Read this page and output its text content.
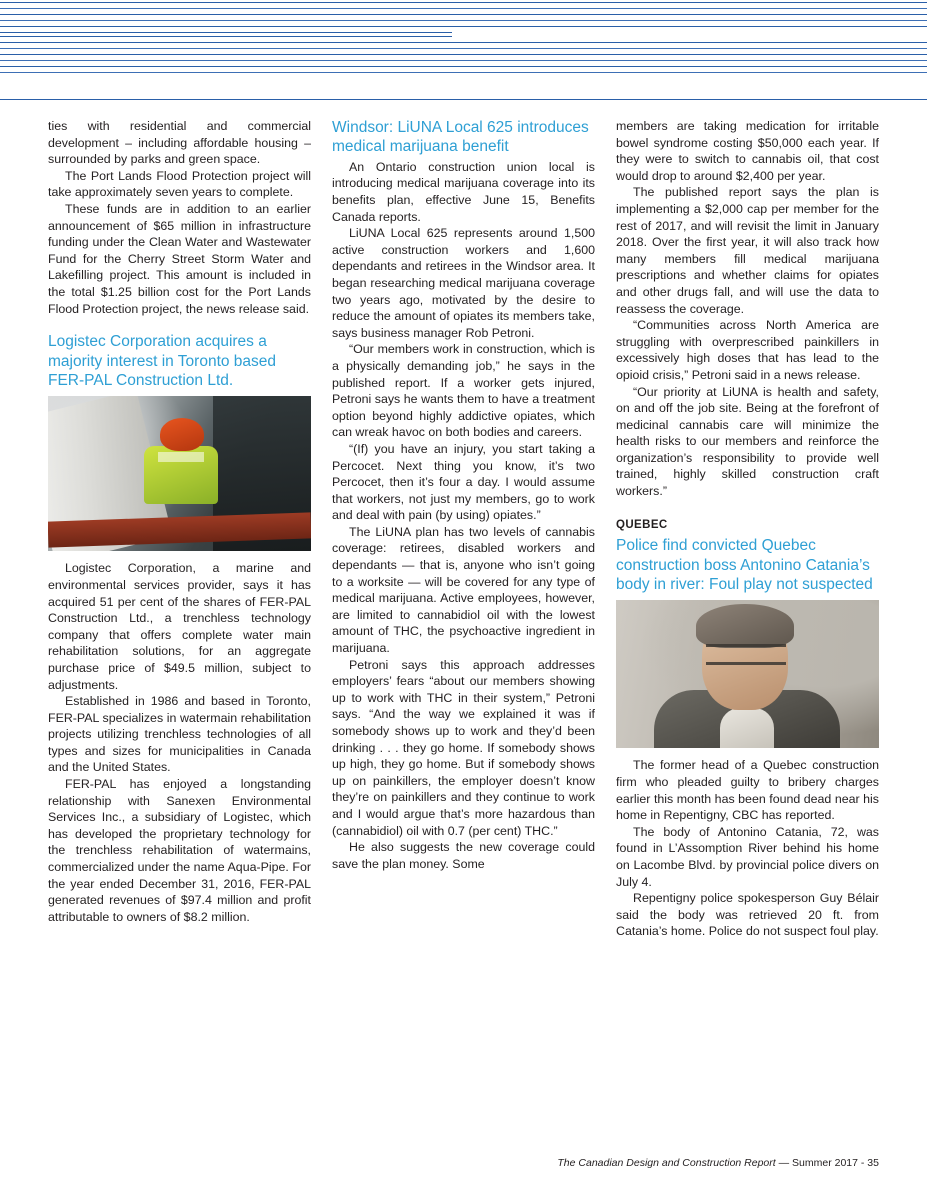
ties with residential and commercial development – including affordable housing – surrounded by parks and green space.

The Port Lands Flood Protection project will take approximately seven years to complete.

These funds are in addition to an earlier announcement of $65 million in infrastructure funding under the Clean Water and Wastewater Fund for the Cherry Street Storm Water and Lakefilling project. This amount is included in the total $1.25 billion cost for the Port Lands Flood Protection project, the news release said.

Logistec Corporation acquires a majority interest in Toronto based FER-PAL Construction Ltd.

Logistec Corporation, a marine and environmental services provider, says it has acquired 51 per cent of the shares of FER-PAL Construction Ltd., a trenchless technology company that offers complete water main rehabilitation solutions, for an aggregate purchase price of $49.5 million, subject to adjustments.

Established in 1986 and based in Toronto, FER-PAL specializes in watermain rehabilitation projects utilizing trenchless technologies of all types and sizes for municipalities in Canada and the United States.

FER-PAL has enjoyed a longstanding relationship with Sanexen Environmental Services Inc., a subsidiary of Logistec, which has developed the proprietary technology for the trenchless rehabilitation of watermains, commercialized under the name Aqua-Pipe. For the year ended December 31, 2016, FER-PAL generated revenues of $97.4 million and profit attributable to owners of $8.2 million.

Windsor: LiUNA Local 625 introduces medical marijuana benefit

An Ontario construction union local is introducing medical marijuana coverage into its benefits plan, effective June 15, Benefits Canada reports.

LiUNA Local 625 represents around 1,500 active construction workers and 1,600 dependants and retirees in the Windsor area. It began researching medical marijuana coverage two years ago, motivated by the desire to reduce the amount of opiates its members take, says business manager Rob Petroni.

“Our members work in construction, which is a physically demanding job,” he says in the published report. If a worker gets injured, Petroni says he wants them to have a treatment option beyond highly addictive opiates, which can wreak havoc on both bodies and careers.

“(If) you have an injury, you start taking a Percocet. Next thing you know, it’s two Percocet, then it’s four a day. I would assume that workers, not just my members, go to work and deal with pain (by using) opiates.”

The LiUNA plan has two levels of cannabis coverage: retirees, disabled workers and dependants — that is, anyone who isn’t going to a worksite — will be covered for any type of medical marijuana. Active employees, however, are limited to cannabidiol oil with the lowest amount of THC, the psychoactive ingredient in marijuana.

Petroni says this approach addresses employers’ fears “about our members showing up to work with THC in their system,” Petroni says. “And the way we explained it was if somebody shows up to work and they’d been drinking . . . they go home. If somebody shows up high, they go home. But if somebody shows up on painkillers, the employer doesn’t know they’re on painkillers and they continue to work and I would argue that’s more hazardous than (cannabidiol) oil with 0.7 (per cent) THC.”

He also suggests the new coverage could save the plan money. Some

members are taking medication for irritable bowel syndrome costing $50,000 each year. If they were to switch to cannabis oil, that cost would drop to around $2,400 per year.

The published report says the plan is implementing a $2,000 cap per member for the rest of 2017, and will revisit the limit in January 2018. Over the first year, it will also track how many members fill medical marijuana prescriptions and whether claims for opiates and other drugs fall, and will use the data to reassess the coverage.

“Communities across North America are struggling with overprescribed painkillers in excessively high doses that has lead to the opioid crisis,” Petroni said in a news release.

“Our priority at LiUNA is health and safety, on and off the job site. Being at the forefront of medicinal cannabis care will minimize the health risks to our members and reinforce the organization’s responsibility to provide well trained, highly skilled construction craft workers.”

QUEBEC

Police find convicted Quebec construction boss Antonino Catania’s body in river: Foul play not suspected

The former head of a Quebec construction firm who pleaded guilty to bribery charges earlier this month has been found dead near his home in Repentigny, CBC has reported.

The body of Antonino Catania, 72, was found in L’Assomption River behind his home on Lacombe Blvd. by provincial police divers on July 4.

Repentigny police spokesperson Guy Bélair said the body was retrieved 20 ft. from Catania’s home. Police do not suspect foul play.

The Canadian Design and Construction Report — Summer 2017 - 35
